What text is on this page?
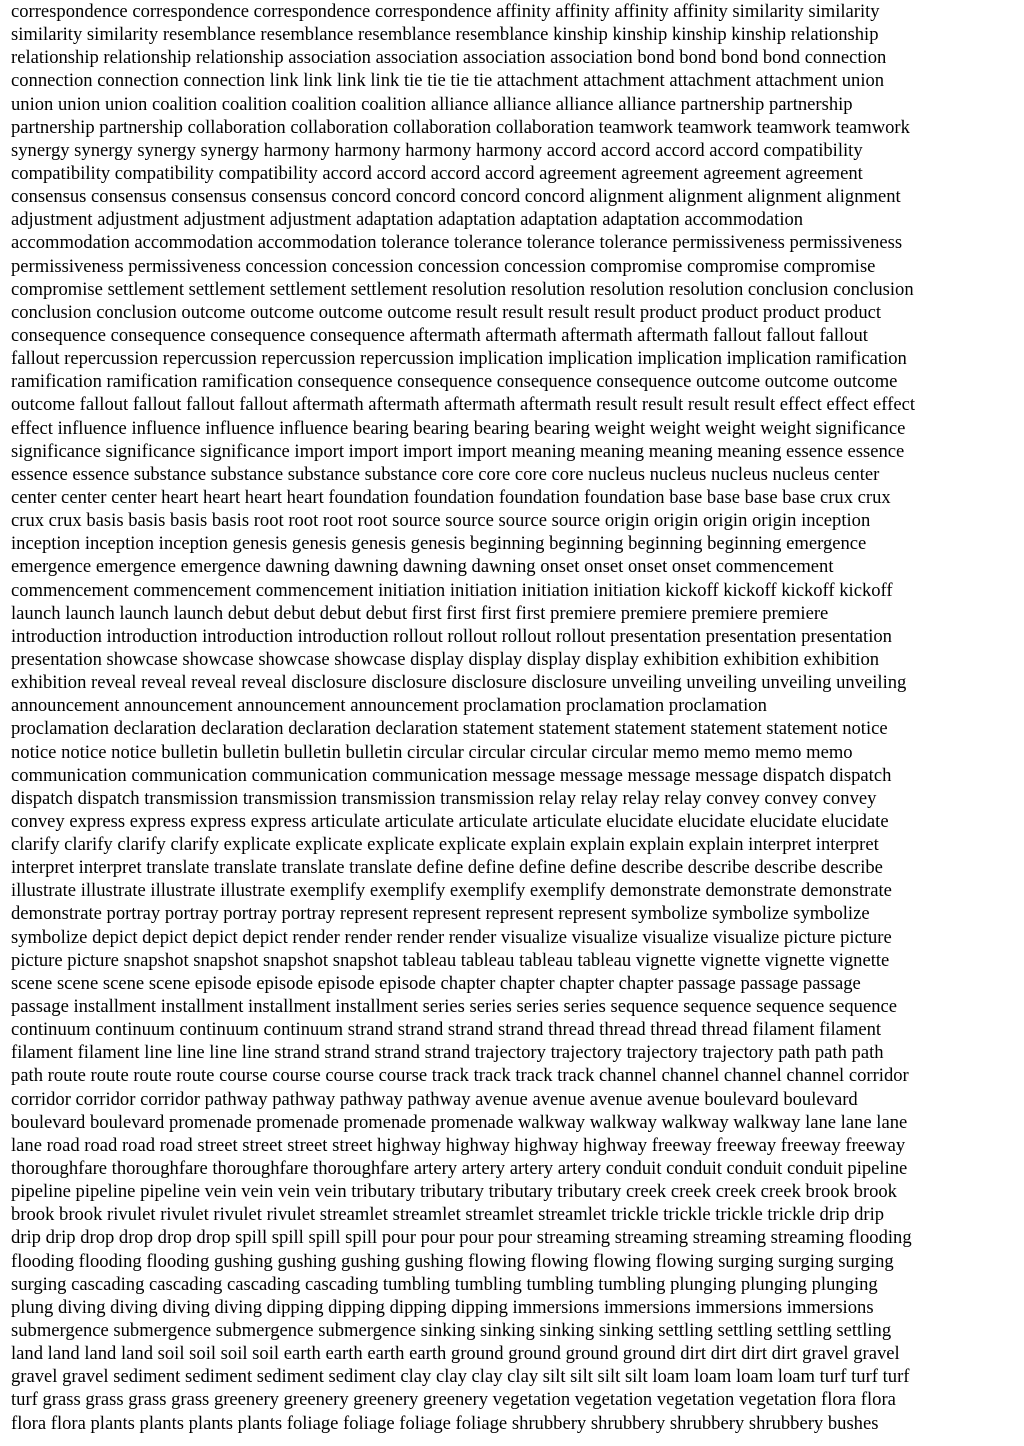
correspondence correspondence correspondence correspondence affinity affinity affinity affinity similarity similarity
similarity similarity resemblance resemblance resemblance resemblance kinship kinship kinship kinship relationship
relationship relationship relationship association association association association bond bond bond bond connection
connection connection connection link link link link tie tie tie tie attachment attachment attachment attachment union
union union union coalition coalition coalition coalition alliance alliance alliance alliance partnership partnership
partnership partnership collaboration collaboration collaboration collaboration teamwork teamwork teamwork teamwork
synergy synergy synergy synergy harmony harmony harmony harmony accord accord accord accord compatibility
compatibility compatibility compatibility accord accord accord accord agreement agreement agreement agreement
consensus consensus consensus consensus concord concord concord concord alignment alignment alignment alignment
adjustment adjustment adjustment adjustment adaptation adaptation adaptation adaptation accommodation
accommodation accommodation accommodation tolerance tolerance tolerance tolerance permissiveness permissiveness
permissiveness permissiveness concession concession concession concession compromise compromise compromise
compromise settlement settlement settlement settlement resolution resolution resolution resolution conclusion conclusion
conclusion conclusion outcome outcome outcome outcome result result result result product product product product
consequence consequence consequence consequence aftermath aftermath aftermath aftermath fallout fallout fallout
fallout repercussion repercussion repercussion repercussion implication implication implication implication ramification
ramification ramification ramification consequence consequence consequence consequence outcome outcome outcome
outcome fallout fallout fallout fallout aftermath aftermath aftermath aftermath result result result result effect effect effect
effect influence influence influence influence bearing bearing bearing bearing weight weight weight weight significance
significance significance significance import import import import meaning meaning meaning meaning essence essence
essence essence substance substance substance substance core core core core nucleus nucleus nucleus nucleus center
center center center heart heart heart heart foundation foundation foundation foundation base base base base crux crux
crux crux basis basis basis basis root root root root source source source source origin origin origin origin inception
inception inception inception genesis genesis genesis genesis beginning beginning beginning beginning emergence
emergence emergence emergence dawning dawning dawning dawning onset onset onset onset commencement
commencement commencement commencement initiation initiation initiation initiation kickoff kickoff kickoff kickoff
launch launch launch launch debut debut debut debut first first first first premiere premiere premiere premiere
introduction introduction introduction introduction rollout rollout rollout rollout presentation presentation presentation
presentation showcase showcase showcase showcase display display display display exhibition exhibition exhibition
exhibition reveal reveal reveal reveal disclosure disclosure disclosure disclosure unveiling unveiling unveiling unveiling
announcement announcement announcement announcement proclamation proclamation proclamation
proclamation declaration declaration declaration declaration statement statement statement statement statement notice
notice notice notice bulletin bulletin bulletin bulletin circular circular circular circular memo memo memo memo
communication communication communication communication message message message message dispatch dispatch
dispatch dispatch transmission transmission transmission transmission relay relay relay relay convey convey convey
convey express express express express articulate articulate articulate articulate elucidate elucidate elucidate elucidate
clarify clarify clarify clarify explicate explicate explicate explicate explain explain explain explain interpret interpret
interpret interpret translate translate translate translate define define define define describe describe describe describe
illustrate illustrate illustrate illustrate exemplify exemplify exemplify exemplify demonstrate demonstrate demonstrate
demonstrate portray portray portray portray represent represent represent represent symbolize symbolize symbolize
symbolize depict depict depict depict render render render render visualize visualize visualize visualize picture picture
picture picture snapshot snapshot snapshot snapshot tableau tableau tableau tableau vignette vignette vignette vignette
scene scene scene scene episode episode episode episode chapter chapter chapter chapter passage passage passage
passage installment installment installment installment series series series series sequence sequence sequence sequence
continuum continuum continuum continuum strand strand strand strand thread thread thread thread filament filament
filament filament line line line line strand strand strand strand trajectory trajectory trajectory trajectory path path path
path route route route route course course course course track track track track channel channel channel channel corridor
corridor corridor corridor pathway pathway pathway pathway avenue avenue avenue avenue boulevard boulevard
boulevard boulevard promenade promenade promenade promenade walkway walkway walkway walkway lane lane lane
lane road road road road street street street street highway highway highway highway freeway freeway freeway freeway
thoroughfare thoroughfare thoroughfare thoroughfare artery artery artery artery conduit conduit conduit conduit pipeline
pipeline pipeline pipeline vein vein vein vein tributary tributary tributary tributary creek creek creek creek brook brook
brook brook rivulet rivulet rivulet rivulet streamlet streamlet streamlet streamlet trickle trickle trickle trickle drip drip
drip drip drop drop drop drop spill spill spill spill pour pour pour pour streaming streaming streaming streaming flooding
flooding flooding flooding gushing gushing gushing gushing flowing flowing flowing flowing surging surging surging
surging cascading cascading cascading cascading tumbling tumbling tumbling tumbling plunging plunging plunging
plung diving diving diving diving dipping dipping dipping dipping immersions immersions immersions immersions
submergence submergence submergence submergence sinking sinking sinking sinking settling settling settling settling
land land land land soil soil soil soil earth earth earth earth ground ground ground ground dirt dirt dirt dirt gravel gravel
gravel gravel sediment sediment sediment sediment clay clay clay clay silt silt silt silt loam loam loam loam turf turf turf
turf grass grass grass grass greenery greenery greenery greenery vegetation vegetation vegetation vegetation flora flora
flora flora plants plants plants plants foliage foliage foliage foliage shrubbery shrubbery shrubbery shrubbery bushes
